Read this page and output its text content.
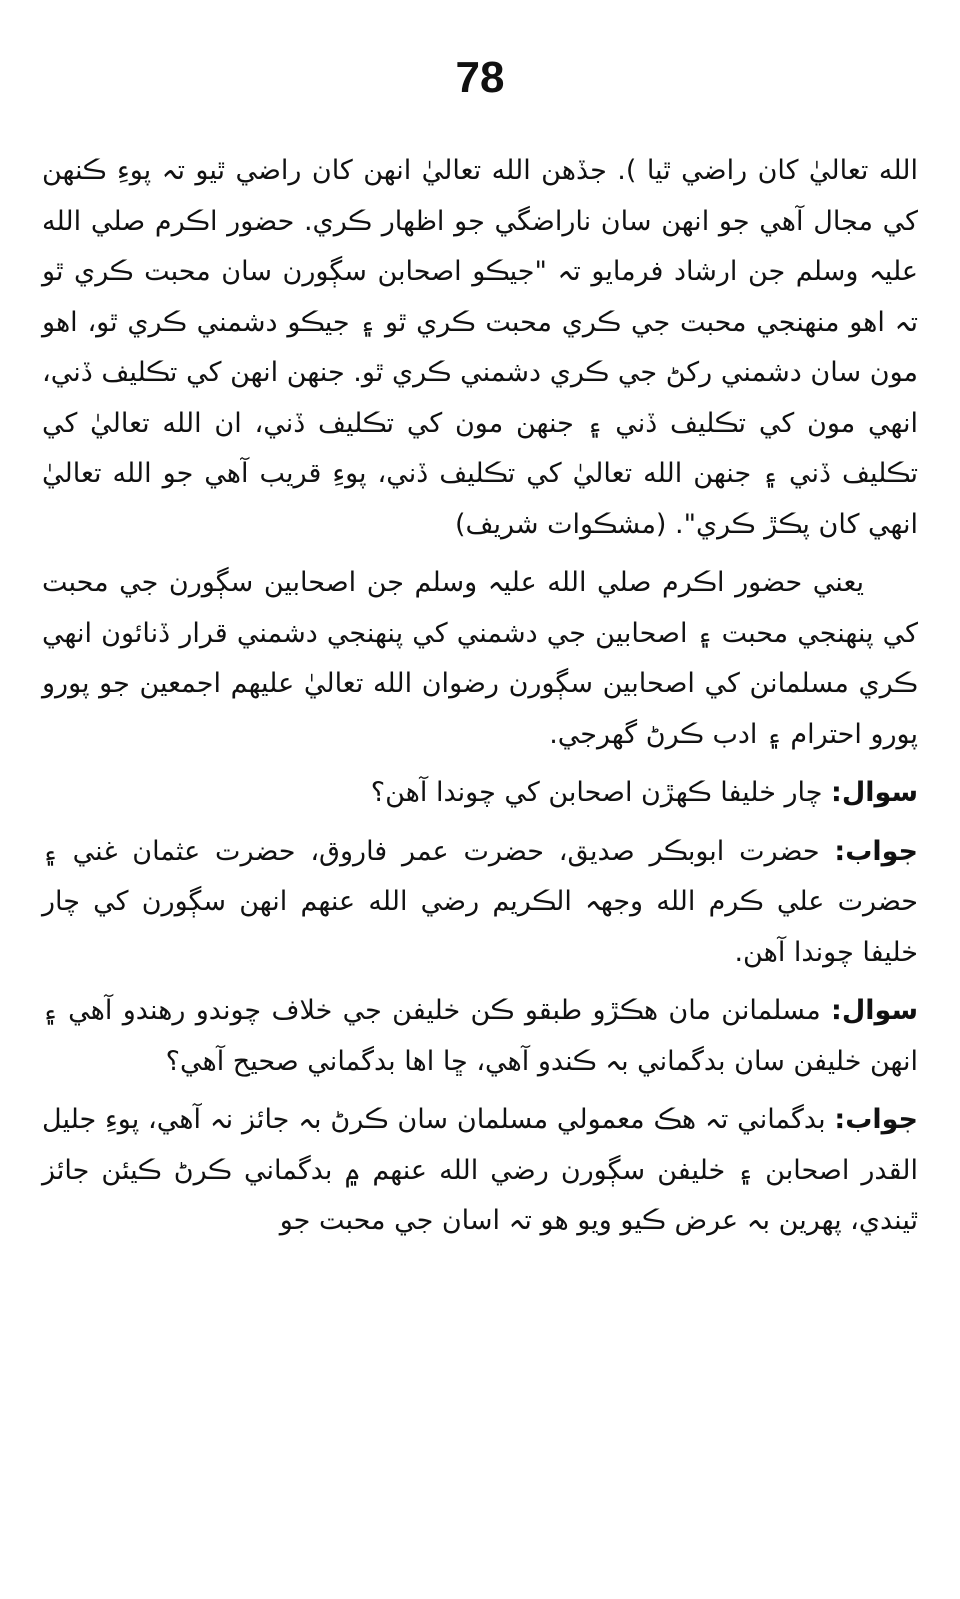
78

الله تعاليٰ کان راضي ٿيا ). جڏهن الله تعاليٰ انهن کان راضي ٿيو تہ پوءِ ڪنهن کي مجال آهي جو انهن سان ناراضگي جو اظهار ڪري. حضور اڪرم صلي الله عليہ وسلم جن ارشاد فرمايو تہ "جيڪو اصحابن سڳورن سان محبت ڪري ٿو تہ اهو منهنجي محبت جي ڪري محبت ڪري ٿو ۽ جيڪو دشمني ڪري ٿو، اهو مون سان دشمني رکڻ جي ڪري دشمني ڪري ٿو. جنهن انهن کي تڪليف ڏني، انهي مون کي تڪليف ڏني ۽ جنهن مون کي تڪليف ڏني، ان الله تعاليٰ کي تڪليف ڏني ۽ جنهن الله تعاليٰ کي تڪليف ڏني، پوءِ قريب آهي جو الله تعاليٰ انهي کان پڪڙ ڪري". (مشڪوات شريف)

يعني حضور اڪرم صلي الله عليہ وسلم جن اصحابين سڳورن جي محبت کي پنهنجي محبت ۽ اصحابين جي دشمني کي پنهنجي دشمني قرار ڏنائون انهي ڪري مسلمانن کي اصحابين سڳورن رضوان الله تعاليٰ عليهم اجمعين جو پورو پورو احترام ۽ ادب ڪرڻ گهرجي.

سوال: چار خليفا ڪهڙن اصحابن کي چوندا آهن؟

جواب: حضرت ابوبڪر صديق، حضرت عمر فاروق، حضرت عثمان غني ۽ حضرت علي ڪرم الله وجهہ الڪريم رضي الله عنهم انهن سڳورن کي چار خليفا چوندا آهن.

سوال: مسلمانن مان هڪڙو طبقو ڪن خليفن جي خلاف چوندو رهندو آهي ۽ انهن خليفن سان بدگماني بہ ڪندو آهي، ڇا اها بدگماني صحيح آهي؟

جواب: بدگماني تہ هڪ معمولي مسلمان سان ڪرڻ بہ جائز نہ آهي، پوءِ جليل القدر اصحابن ۽ خليفن سڳورن رضي الله عنهم ۾ بدگماني ڪرڻ ڪيئن جائز ٿيندي، پهرين بہ عرض ڪيو ويو هو تہ اسان جي محبت جو
